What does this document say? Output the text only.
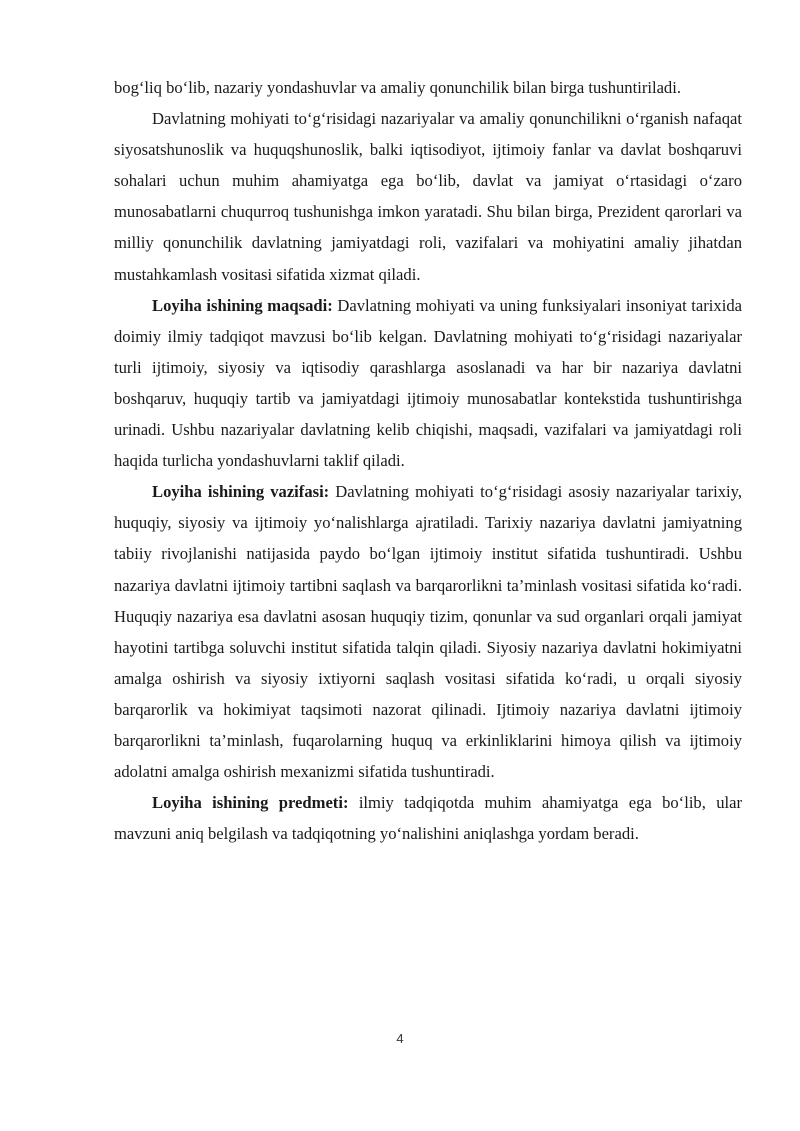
bog‘liq bo‘lib, nazariy yondashuvlar va amaliy qonunchilik bilan birga tushuntiriladi.

Davlatning mohiyati to‘g‘risidagi nazariyalar va amaliy qonunchilikni o‘rganish nafaqat siyosatshunoslik va huquqshunoslik, balki iqtisodiyot, ijtimoiy fanlar va davlat boshqaruvi sohalari uchun muhim ahamiyatga ega bo‘lib, davlat va jamiyat o‘rtasidagi o‘zaro munosabatlarni chuqurroq tushunishga imkon yaratadi. Shu bilan birga, Prezident qarorlari va milliy qonunchilik davlatning jamiyatdagi roli, vazifalari va mohiyatini amaliy jihatdan mustahkamlash vositasi sifatida xizmat qiladi.

Loyiha ishining maqsadi: Davlatning mohiyati va uning funksiyalari insoniyat tarixida doimiy ilmiy tadqiqot mavzusi bo‘lib kelgan. Davlatning mohiyati to‘g‘risidagi nazariyalar turli ijtimoiy, siyosiy va iqtisodiy qarashlarga asoslanadi va har bir nazariya davlatni boshqaruv, huquqiy tartib va jamiyatdagi ijtimoiy munosabatlar kontekstida tushuntirishga urinadi. Ushbu nazariyalar davlatning kelib chiqishi, maqsadi, vazifalari va jamiyatdagi roli haqida turlicha yondashuvlarni taklif qiladi.

Loyiha ishining vazifasi: Davlatning mohiyati to‘g‘risidagi asosiy nazariyalar tarixiy, huquqiy, siyosiy va ijtimoiy yo‘nalishlarga ajratiladi. Tarixiy nazariya davlatni jamiyatning tabiiy rivojlanishi natijasida paydo bo‘lgan ijtimoiy institut sifatida tushuntiradi. Ushbu nazariya davlatni ijtimoiy tartibni saqlash va barqarorlikni ta’minlash vositasi sifatida ko‘radi. Huquqiy nazariya esa davlatni asosan huquqiy tizim, qonunlar va sud organlari orqali jamiyat hayotini tartibga soluvchi institut sifatida talqin qiladi. Siyosiy nazariya davlatni hokimiyatni amalga oshirish va siyosiy ixtiyorni saqlash vositasi sifatida ko‘radi, u orqali siyosiy barqarorlik va hokimiyat taqsimoti nazorat qilinadi. Ijtimoiy nazariya davlatni ijtimoiy barqarorlikni ta’minlash, fuqarolarning huquq va erkinliklarini himoya qilish va ijtimoiy adolatni amalga oshirish mexanizmi sifatida tushuntiradi.

Loyiha ishining predmeti: ilmiy tadqiqotda muhim ahamiyatga ega bo‘lib, ular mavzuni aniq belgilash va tadqiqotning yo‘nalishini aniqlashga yordam beradi.

4
